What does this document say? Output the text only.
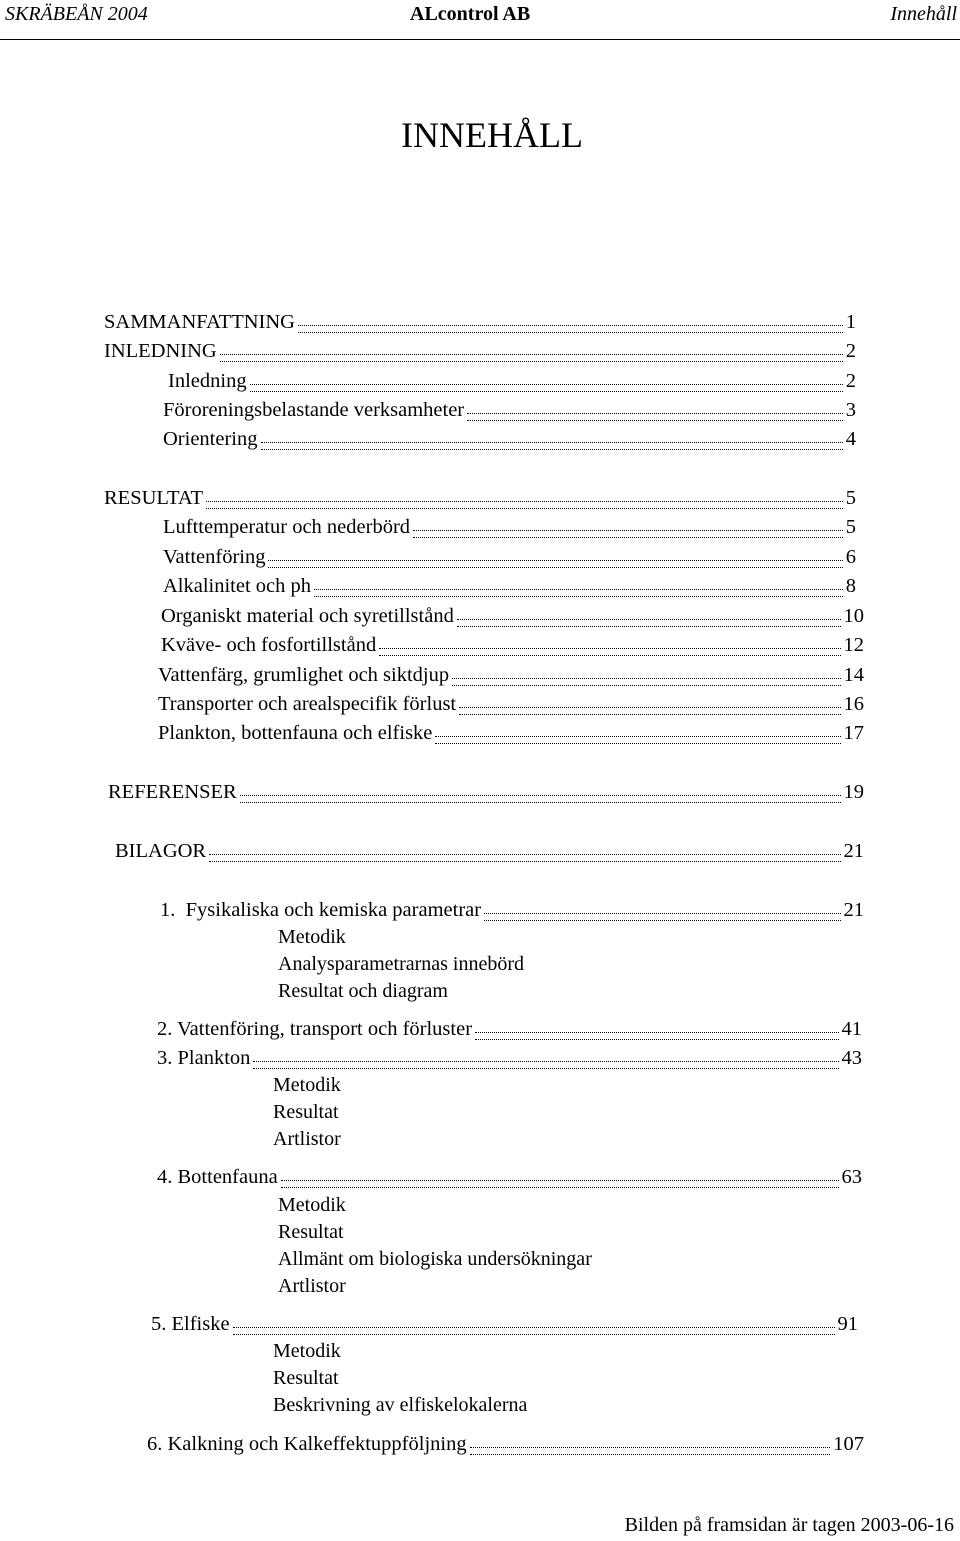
SKRÄBEÅN 2004	ALcontrol AB	Innehåll
INNEHÅLL
SAMMANFATTNING	1
INLEDNING	2
Inledning	2
Föroreningsbelastande verksamheter	3
Orientering	4
RESULTAT	5
Lufttemperatur och nederbörd	5
Vattenföring	6
Alkalinitet och ph	8
Organiskt material och syretillstånd	10
Kväve- och fosfortillstånd	12
Vattenfärg, grumlighet och siktdjup	14
Transporter och arealspecifik förlust	16
Plankton, bottenfauna och elfiske	17
REFERENSER	19
BILAGOR	21
1.  Fysikaliska och kemiska parametrar	21
Metodik
Analysparametrarnas innebörd
Resultat och diagram
2. Vattenföring, transport och förluster	41
3. Plankton	43
Metodik
Resultat
Artlistor
4. Bottenfauna	63
Metodik
Resultat
Allmänt om biologiska undersökningar
Artlistor
5. Elfiske	91
Metodik
Resultat
Beskrivning av elfiskelokalerna
6. Kalkning och Kalkeffektuppföljning	107
Bilden på framsidan är tagen 2003-06-16
